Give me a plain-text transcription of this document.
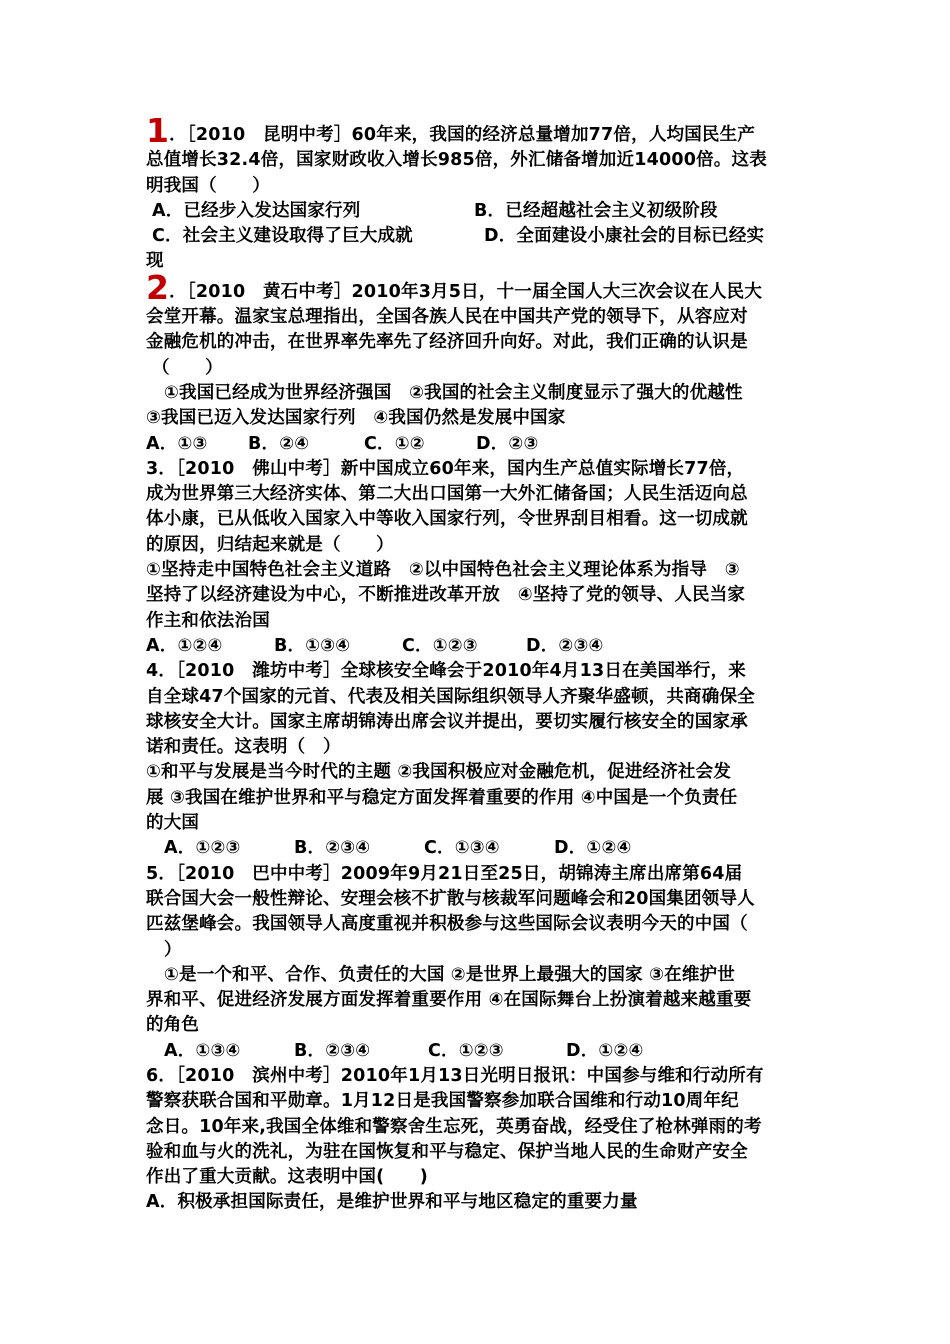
1．［2010　昆明中考］60年来，我国的经济总量增加77倍，人均国民生产
总值增长32.4倍，国家财政收入增长985倍，外汇储备增加近14000倍。这表
明我国（　　）
A．已经步入发达国家行列	B．已经超越社会主义初级阶段
C．社会主义建设取得了巨大成就	D．全面建设小康社会的目标已经实
现
2．［2010　黄石中考］2010年3月5日，十一届全国人大三次会议在人民大
会堂开幕。温家宝总理指出，全国各族人民在中国共产党的领导下，从容应对
金融危机的冲击，在世界率先率先了经济回升向好。对此，我们正确的认识是
（　　）
①我国已经成为世界经济强国　②我国的社会主义制度显示了强大的优越性
③我国已迈入发达国家行列　④我国仍然是发展中国家
A．①③ B．②④	C．①②	D．②③
3．［2010　佛山中考］新中国成立60年来，国内生产总值实际增长77倍，
成为世界第三大经济实体、第二大出口国第一大外汇储备国；人民生活迈向总
体小康，已从低收入国家入中等收入国家行列，令世界刮目相看。这一切成就
的原因，归结起来就是（　　）
①坚持走中国特色社会主义道路　②以中国特色社会主义理论体系为指导　③
坚持了以经济建设为中心，不断推进改革开放　④坚持了党的领导、人民当家
作主和依法治国
A．①②④	B．①③④	C．①②③	D．②③④
4．［2010　潍坊中考］全球核安全峰会于2010年4月13日在美国举行，来
自全球47个国家的元首、代表及相关国际组织领导人齐聚华盛顿，共商确保全
球核安全大计。国家主席胡锦涛出席会议并提出，要切实履行核安全的国家承
诺和责任。这表明（　）
①和平与发展是当今时代的主题 ②我国积极应对金融危机，促进经济社会发
展 ③我国在维护世界和平与稳定方面发挥着重要的作用 ④中国是一个负责任
的大国
A．①②③	B．②③④	C．①③④	D．①②④
5．［2010　巴中中考］2009年9月21日至25日，胡锦涛主席出席第64届
联合国大会一般性辩论、安理会核不扩散与核裁军问题峰会和20国集团领导人
匹兹堡峰会。我国领导人高度重视并积极参与这些国际会议表明今天的中国（
）
①是一个和平、合作、负责任的大国 ②是世界上最强大的国家 ③在维护世
界和平、促进经济发展方面发挥着重要作用 ④在国际舞台上扮演着越来越重要
的角色
A．①③④	B．②③④	C．①②③	D．①②④
6．［2010　滨州中考］2010年1月13日光明日报讯：中国参与维和行动所有
警察获联合国和平勋章。1月12日是我国警察参加联合国维和行动10周年纪
念日。10年来,我国全体维和警察舍生忘死，英勇奋战，经受住了枪林弹雨的考
验和血与火的洗礼，为驻在国恢复和平与稳定、保护当地人民的生命财产安全
作出了重大贡献。这表明中国(　　)
A．积极承担国际责任，是维护世界和平与地区稳定的重要力量
